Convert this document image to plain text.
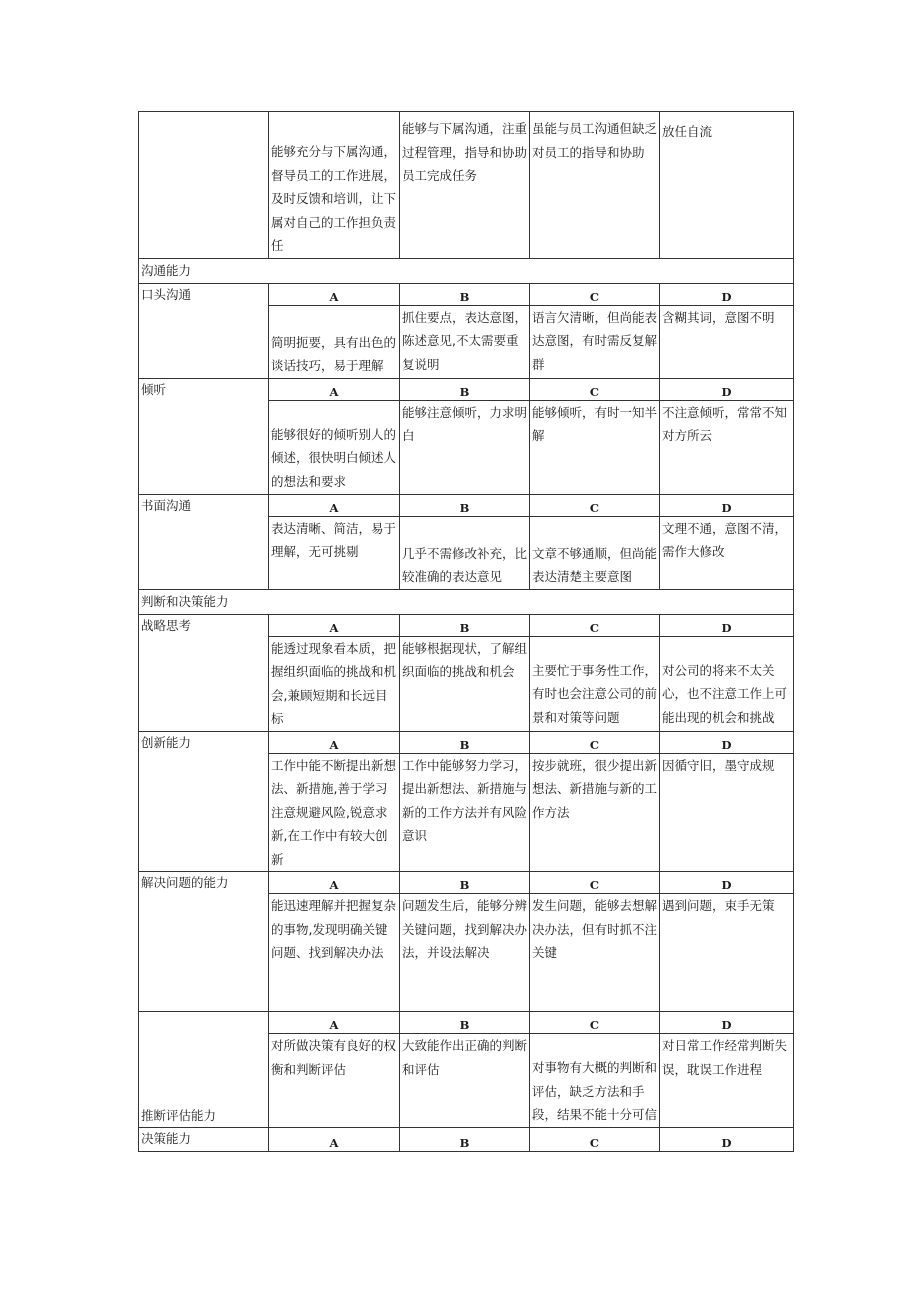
	能够充分与下属沟通，督导员工的工作进展，及时反馈和培训，让下属对自己的工作担负责任	能够与下属沟通，注重过程管理，指导和协助员工完成任务	虽能与员工沟通但缺乏对员工的指导和协助	放任自流

沟通能力				
口头沟通	A	B	C	D

	简明扼要，具有出色的谈话技巧，易于理解	抓住要点，表达意图，陈述意见,不太需要重复说明	语言欠清晰，但尚能表达意图，有时需反复解群	含糊其词，意图不明

倾听	A	B	C	D

	能够很好的倾听别人的倾述，很快明白倾述人的想法和要求	能够注意倾听，力求明白	能够倾听，有时一知半解	不注意倾听，常常不知对方所云

书面沟通	A	B	C	D

	表达清晰、简洁，易于理解，无可挑剔	几乎不需修改补充，比较准确的表达意见	文章不够通顺，但尚能表达清楚主要意图	文理不通，意图不清，需作大修改

判断和决策能力				
战略思考	A	B	C	D

	能透过现象看本质，把握组织面临的挑战和机会,兼顾短期和长远目标	能够根据现状，了解组织面临的挑战和机会	主要忙于事务性工作，有时也会注意公司的前景和对策等问题	对公司的将来不太关心，也不注意工作上可能出现的机会和挑战

创新能力	A	B	C	D

	工作中能不断提出新想法、新措施,善于学习注意规避风险,锐意求新,在工作中有较大创新	工作中能够努力学习，提出新想法、新措施与新的工作方法并有风险意识	按步就班，很少提出新想法、新措施与新的工作方法	因循守旧，墨守成规

解决问题的能力	A	B	C	D

	能迅速理解并把握复杂的事物,发现明确关键问题、找到解决办法	问题发生后，能够分辨关键问题，找到解决办法，并设法解决	发生问题，能够去想解决办法，但有时抓不注关键	遇到问题，束手无策

推断评估能力	A	B	C	D

	对所做决策有良好的权衡和判断评估	大致能作出正确的判断和评估	对事物有大概的判断和评估，缺乏方法和手段，结果不能十分可信	对日常工作经常判断失误，耽误工作进程

决策能力	A	B	C	D
